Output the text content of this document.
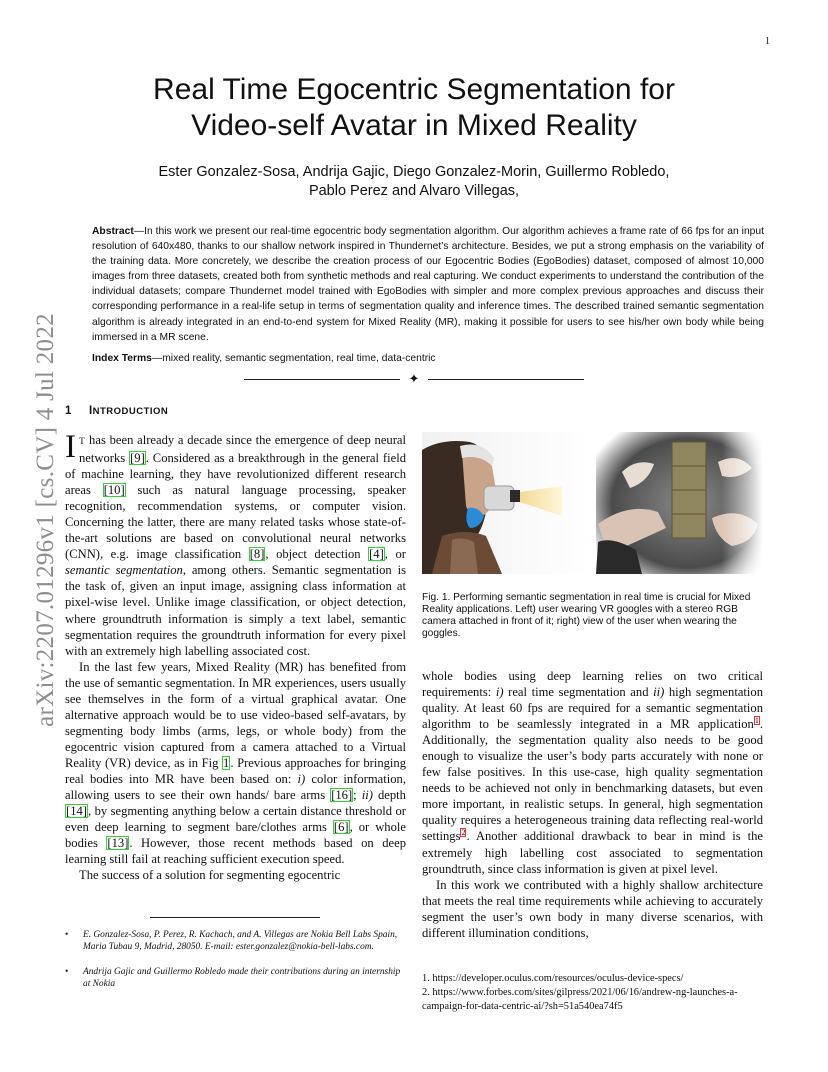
1
arXiv:2207.01296v1 [cs.CV] 4 Jul 2022
Real Time Egocentric Segmentation for
Video-self Avatar in Mixed Reality
Ester Gonzalez-Sosa, Andrija Gajic, Diego Gonzalez-Morin, Guillermo Robledo,
Pablo Perez and Alvaro Villegas,

Abstract—In this work we present our real-time egocentric body segmentation algorithm. Our algorithm achieves a frame rate of 66 fps for an input resolution of 640x480, thanks to our shallow network inspired in Thundernet’s architecture. Besides, we put a strong emphasis on the variability of the training data. More concretely, we describe the creation process of our Egocentric Bodies (EgoBodies) dataset, composed of almost 10,000 images from three datasets, created both from synthetic methods and real capturing. We conduct experiments to understand the contribution of the individual datasets; compare Thundernet model trained with EgoBodies with simpler and more complex previous approaches and discuss their corresponding performance in a real-life setup in terms of segmentation quality and inference times. The described trained semantic segmentation algorithm is already integrated in an end-to-end system for Mixed Reality (MR), making it possible for users to see his/her own body while being immersed in a MR scene.

Index Terms—mixed reality, semantic segmentation, real time, data-centric

✦
1 INTRODUCTION

I T has been already a decade since the emergence of deep neural networks [9]. Considered as a breakthrough in the general field of machine learning, they have revolutionized different research areas [10] such as natural language processing, speaker recognition, recommendation systems, or computer vision. Concerning the latter, there are many related tasks whose state-of-the-art solutions are based on convolutional neural networks (CNN), e.g. image classification [8], object detection [4], or semantic segmentation, among others. Semantic segmentation is the task of, given an input image, assigning class information at pixel-wise level. Unlike image classification, or object detection, where groundtruth information is simply a text label, semantic segmentation requires the groundtruth information for every pixel with an extremely high labelling associated cost.

In the last few years, Mixed Reality (MR) has benefited from the use of semantic segmentation. In MR experiences, users usually see themselves in the form of a virtual graphical avatar. One alternative approach would be to use video-based self-avatars, by segmenting body limbs (arms, legs, or whole body) from the egocentric vision captured from a camera attached to a Virtual Reality (VR) device, as in Fig 1. Previous approaches for bringing real bodies into MR have been based on: i) color information, allowing users to see their own hands/ bare arms [16]; ii) depth [14], by segmenting anything below a certain distance threshold or even deep learning to segment bare/clothes arms [6], or whole bodies [13]. However, those recent methods based on deep learning still fail at reaching sufficient execution speed.

The success of a solution for segmenting egocentric

Fig. 1. Performing semantic segmentation in real time is crucial for Mixed Reality applications. Left) user wearing VR googles with a stereo RGB camera attached in front of it; right) view of the user when wearing the goggles.

whole bodies using deep learning relies on two critical requirements: i) real time segmentation and ii) high segmentation quality. At least 60 fps are required for a semantic segmentation algorithm to be seamlessly integrated in a MR application$^1$. Additionally, the segmentation quality also needs to be good enough to visualize the user’s body parts accurately with none or few false positives. In this use-case, high quality segmentation needs to be achieved not only in benchmarking datasets, but even more important, in realistic setups. In general, high segmentation quality requires a heterogeneous training data reflecting real-world settings$^2$. Another additional drawback to bear in mind is the extremely high labelling cost associated to segmentation groundtruth, since class information is given at pixel level.

In this work we contributed with a highly shallow architecture that meets the real time requirements while achieving to accurately segment the user’s own body in many diverse scenarios, with different illumination conditions,

•	E. Gonzalez-Sosa, P. Perez, R. Kachach, and A. Villegas are Nokia Bell Labs Spain, Maria Tubau 9, Madrid, 28050. E-mail: ester.gonzalez@nokia-bell-labs.com.

•	Andrija Gajic and Guillermo Robledo made their contributions during an internship at Nokia	1. https://developer.oculus.com/resources/oculus-device-specs/

2. https://www.forbes.com/sites/gilpress/2021/06/16/andrew-ng-launches-a-campaign-for-data-centric-ai/?sh=51a540ea74f5
